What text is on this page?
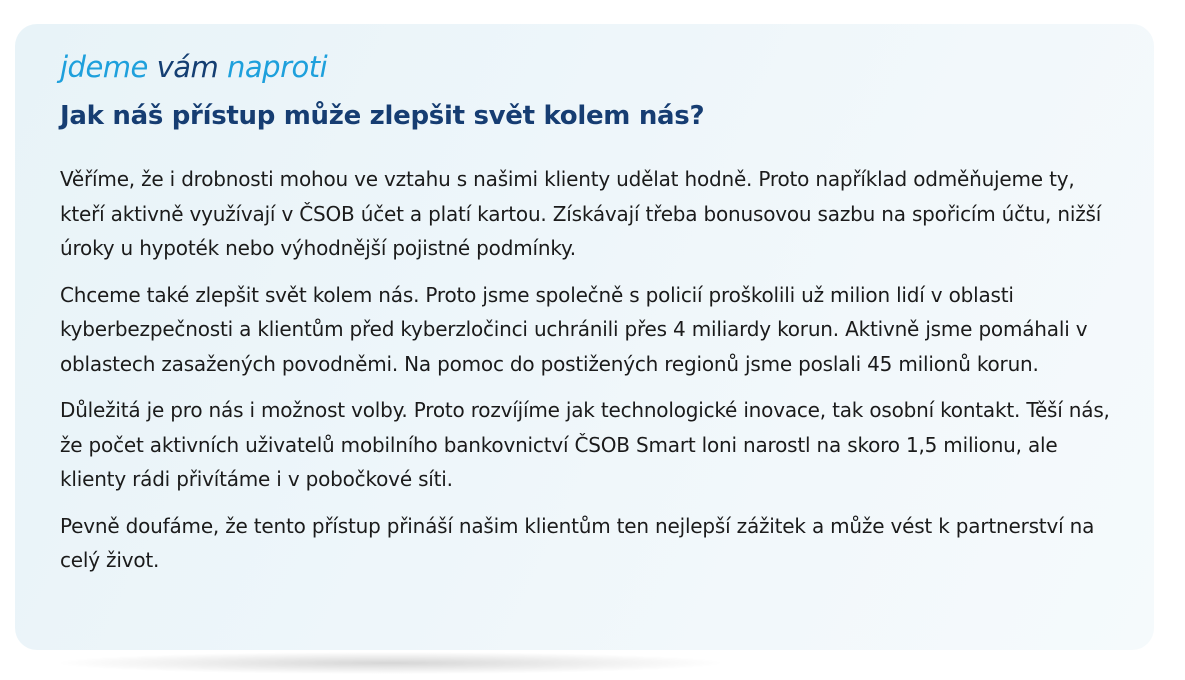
jdeme vám naproti
Jak náš přístup může zlepšit svět kolem nás?

Věříme, že i drobnosti mohou ve vztahu s našimi klienty udělat hodně. Proto například odměňujeme ty, kteří aktivně využívají v ČSOB účet a platí kartou. Získávají třeba bonusovou sazbu na spořicím účtu, nižší úroky u hypoték nebo výhodnější pojistné podmínky.

Chceme také zlepšit svět kolem nás. Proto jsme společně s policií proškolili už milion lidí v oblasti kyberbezpečnosti a klientům před kyberzločinci uchránili přes 4 miliardy korun. Aktivně jsme pomáhali v oblastech zasažených povodněmi. Na pomoc do postižených regionů jsme poslali 45 milionů korun.

Důležitá je pro nás i možnost volby. Proto rozvíjíme jak technologické inovace, tak osobní kontakt. Těší nás, že počet aktivních uživatelů mobilního bankovnictví ČSOB Smart loni narostl na skoro 1,5 milionu, ale klienty rádi přivítáme i v pobočkové síti.

Pevně doufáme, že tento přístup přináší našim klientům ten nejlepší zážitek a může vést k partnerství na celý život.
